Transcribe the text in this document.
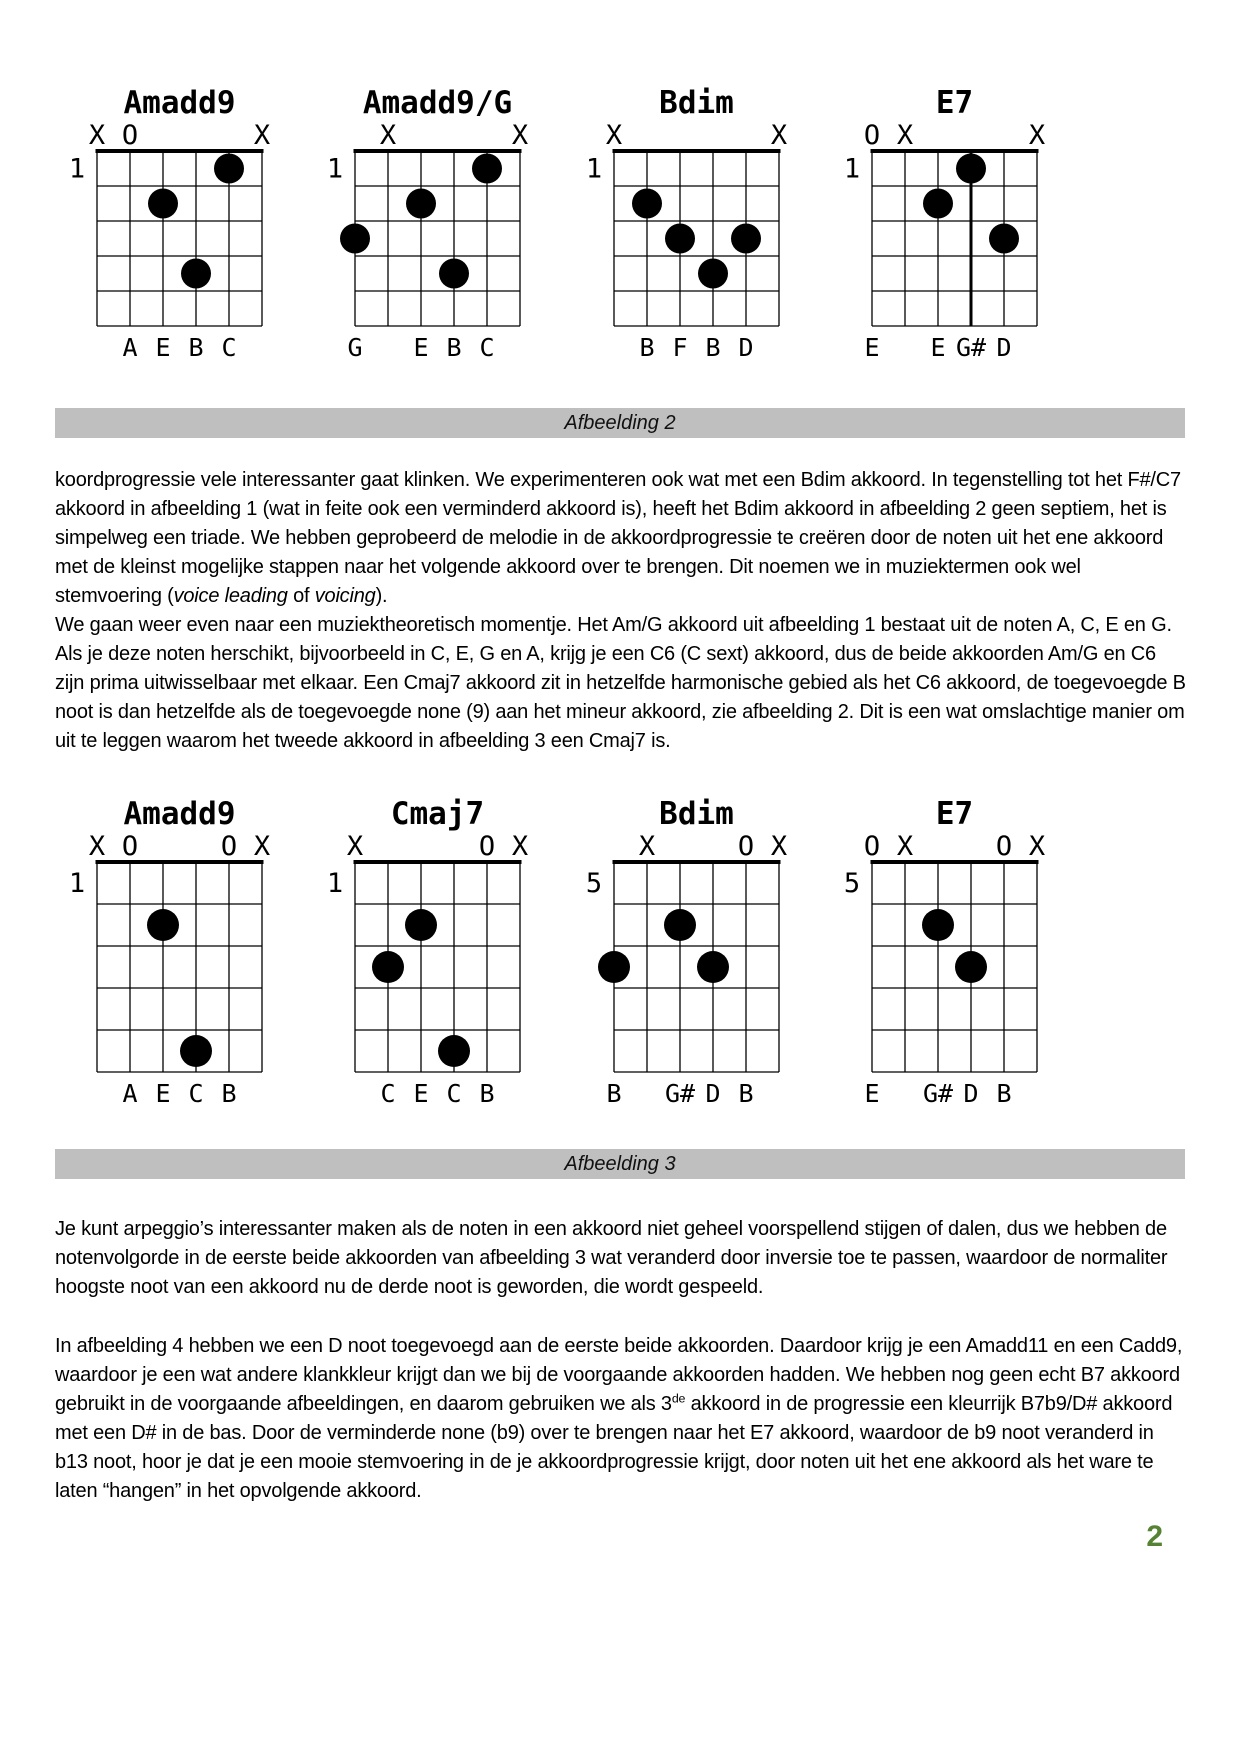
Amadd9
X O	X
1
A E B C
Amadd9/G
X	X
1
G E B C
Bdim
X	X
1
B F B D
E7
O X	X
1
E E G# D
Afbeelding 2

koordprogressie vele interessanter gaat klinken. We experimenteren ook wat met een Bdim akkoord. In tegenstelling tot het F#/C7 akkoord in afbeelding 1 (wat in feite ook een verminderd akkoord is), heeft het Bdim akkoord in afbeelding 2 geen septiem, het is simpelweg een triade. We hebben geprobeerd de melodie in de akkoordprogressie te creëren door de noten uit het ene akkoord met de kleinst mogelijke stappen naar het volgende akkoord over te brengen. Dit noemen we in muziektermen ook wel stemvoering (voice leading of voicing).

We gaan weer even naar een muziektheoretisch momentje. Het Am/G akkoord uit afbeelding 1 bestaat uit de noten A, C, E en G. Als je deze noten herschikt, bijvoorbeeld in C, E, G en A, krijg je een C6 (C sext) akkoord, dus de beide akkoorden Am/G en C6 zijn prima uitwisselbaar met elkaar. Een Cmaj7 akkoord zit in hetzelfde harmonische gebied als het C6 akkoord, de toegevoegde B noot is dan hetzelfde als de toegevoegde none (9) aan het mineur akkoord, zie afbeelding 2. Dit is een wat omslachtige manier om uit te leggen waarom het tweede akkoord in afbeelding 3 een Cmaj7 is.

Amadd9
X O	O X
1
A E C B
Cmaj7
X	O X
1
C E C B
Bdim
X	O X
5
B G# D B
E7
O X	O X
5
E G# D B
Afbeelding 3

Je kunt arpeggio’s interessanter maken als de noten in een akkoord niet geheel voorspellend stijgen of dalen, dus we hebben de notenvolgorde in de eerste beide akkoorden van afbeelding 3 wat veranderd door inversie toe te passen, waardoor de normaliter hoogste noot van een akkoord nu de derde noot is geworden, die wordt gespeeld.

In afbeelding 4 hebben we een D noot toegevoegd aan de eerste beide akkoorden. Daardoor krijg je een Amadd11 en een Cadd9, waardoor je een wat andere klankkleur krijgt dan we bij de voorgaande akkoorden hadden. We hebben nog geen echt B7 akkoord gebruikt in de voorgaande afbeeldingen, en daarom gebruiken we als 3de akkoord in de progressie een kleurrijk B7b9/D# akkoord met een D# in de bas. Door de verminderde none (b9) over te brengen naar het E7 akkoord, waardoor de b9 noot veranderd in b13 noot, hoor je dat je een mooie stemvoering in de je akkoordprogressie krijgt, door noten uit het ene akkoord als het ware te laten “hangen” in het opvolgende akkoord.

2
